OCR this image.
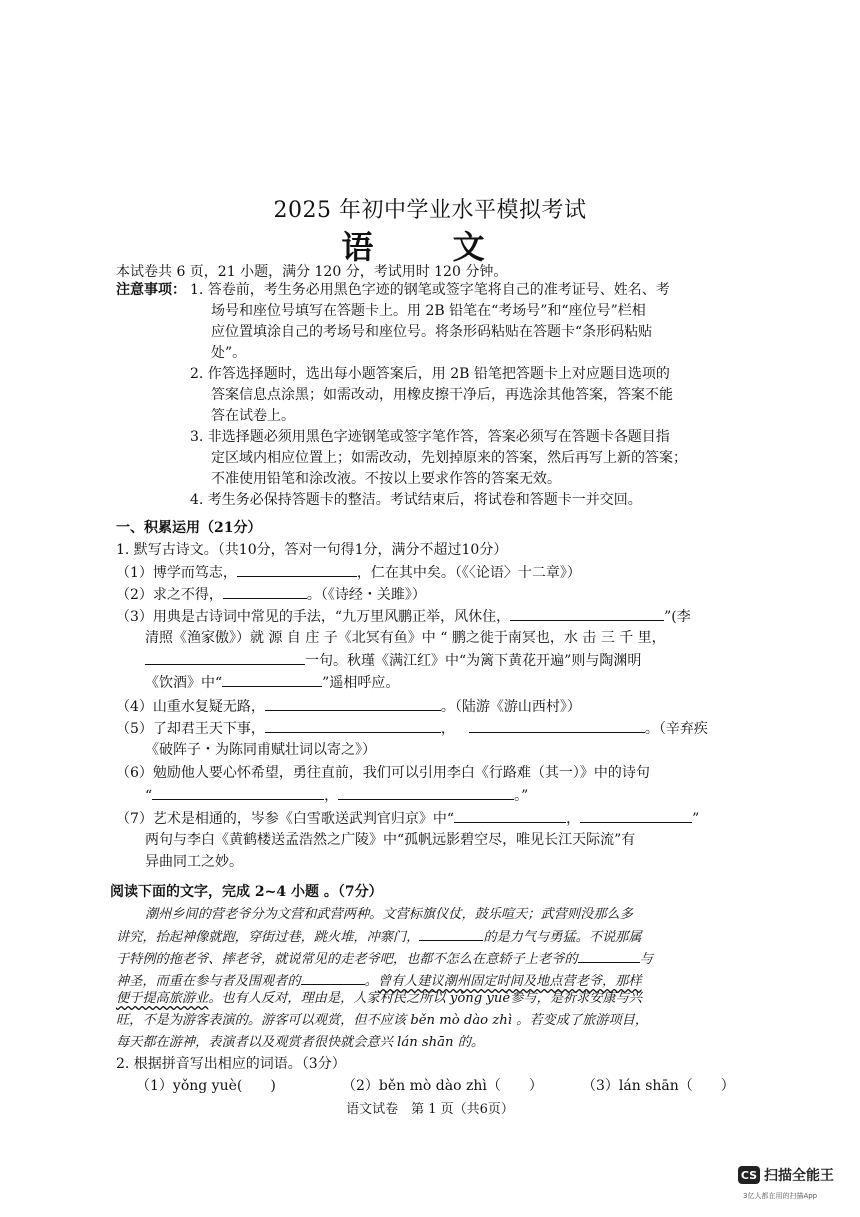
2025 年初中学业水平模拟考试
语 文
本试卷共 6 页，21 小题，满分 120 分，考试用时 120 分钟。
注意事项： 1. 答卷前，考生务必用黑色字迹的钢笔或签字笔将自己的准考证号、姓名、考
场号和座位号填写在答题卡上。用 2B 铅笔在“考场号”和“座位号”栏相
应位置填涂自己的考场号和座位号。将条形码粘贴在答题卡“条形码粘贴
处”。
2. 作答选择题时，选出每小题答案后，用 2B 铅笔把答题卡上对应题目选项的
答案信息点涂黑；如需改动，用橡皮擦干净后，再选涂其他答案，答案不能
答在试卷上。
3. 非选择题必须用黑色字迹钢笔或签字笔作答，答案必须写在答题卡各题目指
定区域内相应位置上；如需改动，先划掉原来的答案，然后再写上新的答案；
不准使用铅笔和涂改液。不按以上要求作答的答案无效。
4. 考生务必保持答题卡的整洁。考试结束后，将试卷和答题卡一并交回。
一、积累运用（21分）
1. 默写古诗文。（共10分，答对一句得1分，满分不超过10分）
（1）博学而笃志，	，仁在其中矣。（《〈论语〉十二章》）
（2）求之不得，	。（《诗经・关雎》）
（3）用典是古诗词中常见的手法，“九万里风鹏正举，风休住，	”(李
清照《渔家傲》）就 源 自 庄 子《北冥有鱼》中 “ 鹏之徙于南冥也，水 击 三 千 里，
一句。秋瑾《满江红》中“为篱下黄花开遍”则与陶渊明
《饮酒》中“	”遥相呼应。
（4）山重水复疑无路，	。（陆游《游山西村》）
（5）了却君王天下事，	，	。（辛弃疾
《破阵子・为陈同甫赋壮词以寄之》）
（6）勉励他人要心怀希望，勇往直前，我们可以引用李白《行路难（其一）》中的诗句
“	，	。”
（7）艺术是相通的，岑参《白雪歌送武判官归京》中“	，	”
两句与李白《黄鹤楼送孟浩然之广陵》中“孤帆远影碧空尽，唯见长江天际流”有
异曲同工之妙。
阅读下面的文字，完成 2~4 小题 。（7分）
潮州乡间的营老爷分为文营和武营两种。文营标旗仪仗，鼓乐喧天；武营则没那么多
讲究，抬起神像就跑，穿街过巷，跳火堆，冲寨门，	的是力气与勇猛。不说那属
于特例的拖老爷、摔老爷，就说常见的走老爷吧，也都不怎么在意轿子上老爷的	与
神圣，而重在参与者及围观者的	。曾有人建议潮州固定时间及地点营老爷，那样
语文试卷　第 1 页（共6页）
CS 扫描全能王
3亿人都在用的扫描App
便于提高旅游业。也有人反对，理由是，人家村民之所以 yǒng yuè参与，是祈求安康与兴
旺，不是为游客表演的。游客可以观赏，但不应该 běn mò dào zhì 。若变成了旅游项目，
每天都在游神，表演者以及观赏者很快就会意兴 lán shān 的。
2. 根据拼音写出相应的词语。（3分）
（1）yǒng yuè(　　)	（2）běn mò dào zhì（　　）	（3）lán shān（　　）
